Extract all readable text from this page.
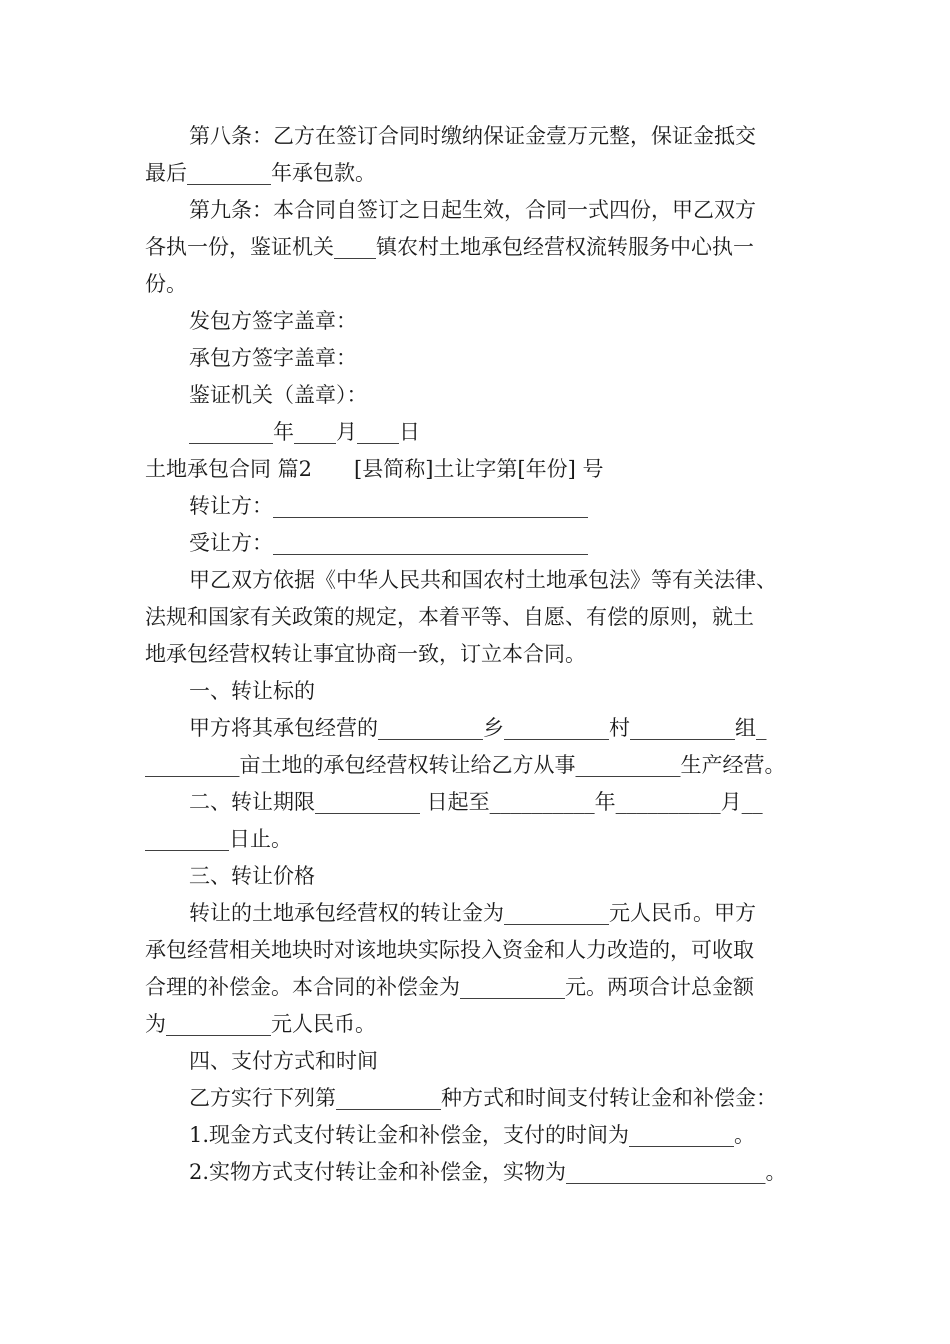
第八条：乙方在签订合同时缴纳保证金壹万元整，保证金抵交
最后________年承包款。
第九条：本合同自签订之日起生效，合同一式四份，甲乙双方
各执一份，鉴证机关____镇农村土地承包经营权流转服务中心执一
份。
发包方签字盖章：
承包方签字盖章：
鉴证机关（盖章）：
________年____月____日
土地承包合同 篇2　　[县简称]土让字第[年份] 号
转让方：______________________________
受让方：______________________________
甲乙双方依据《中华人民共和国农村土地承包法》等有关法律、
法规和国家有关政策的规定，本着平等、自愿、有偿的原则，就土
地承包经营权转让事宜协商一致，订立本合同。
一、转让标的
甲方将其承包经营的__________乡__________村__________组_
_________亩土地的承包经营权转让给乙方从事__________生产经营。
二、转让期限__________ 日起至__________年__________月__
________日止。
三、转让价格
转让的土地承包经营权的转让金为__________元人民币。甲方
承包经营相关地块时对该地块实际投入资金和人力改造的，可收取
合理的补偿金。本合同的补偿金为__________元。两项合计总金额
为__________元人民币。
四、支付方式和时间
乙方实行下列第__________种方式和时间支付转让金和补偿金：
1.现金方式支付转让金和补偿金，支付的时间为__________。
2.实物方式支付转让金和补偿金，实物为___________________。
